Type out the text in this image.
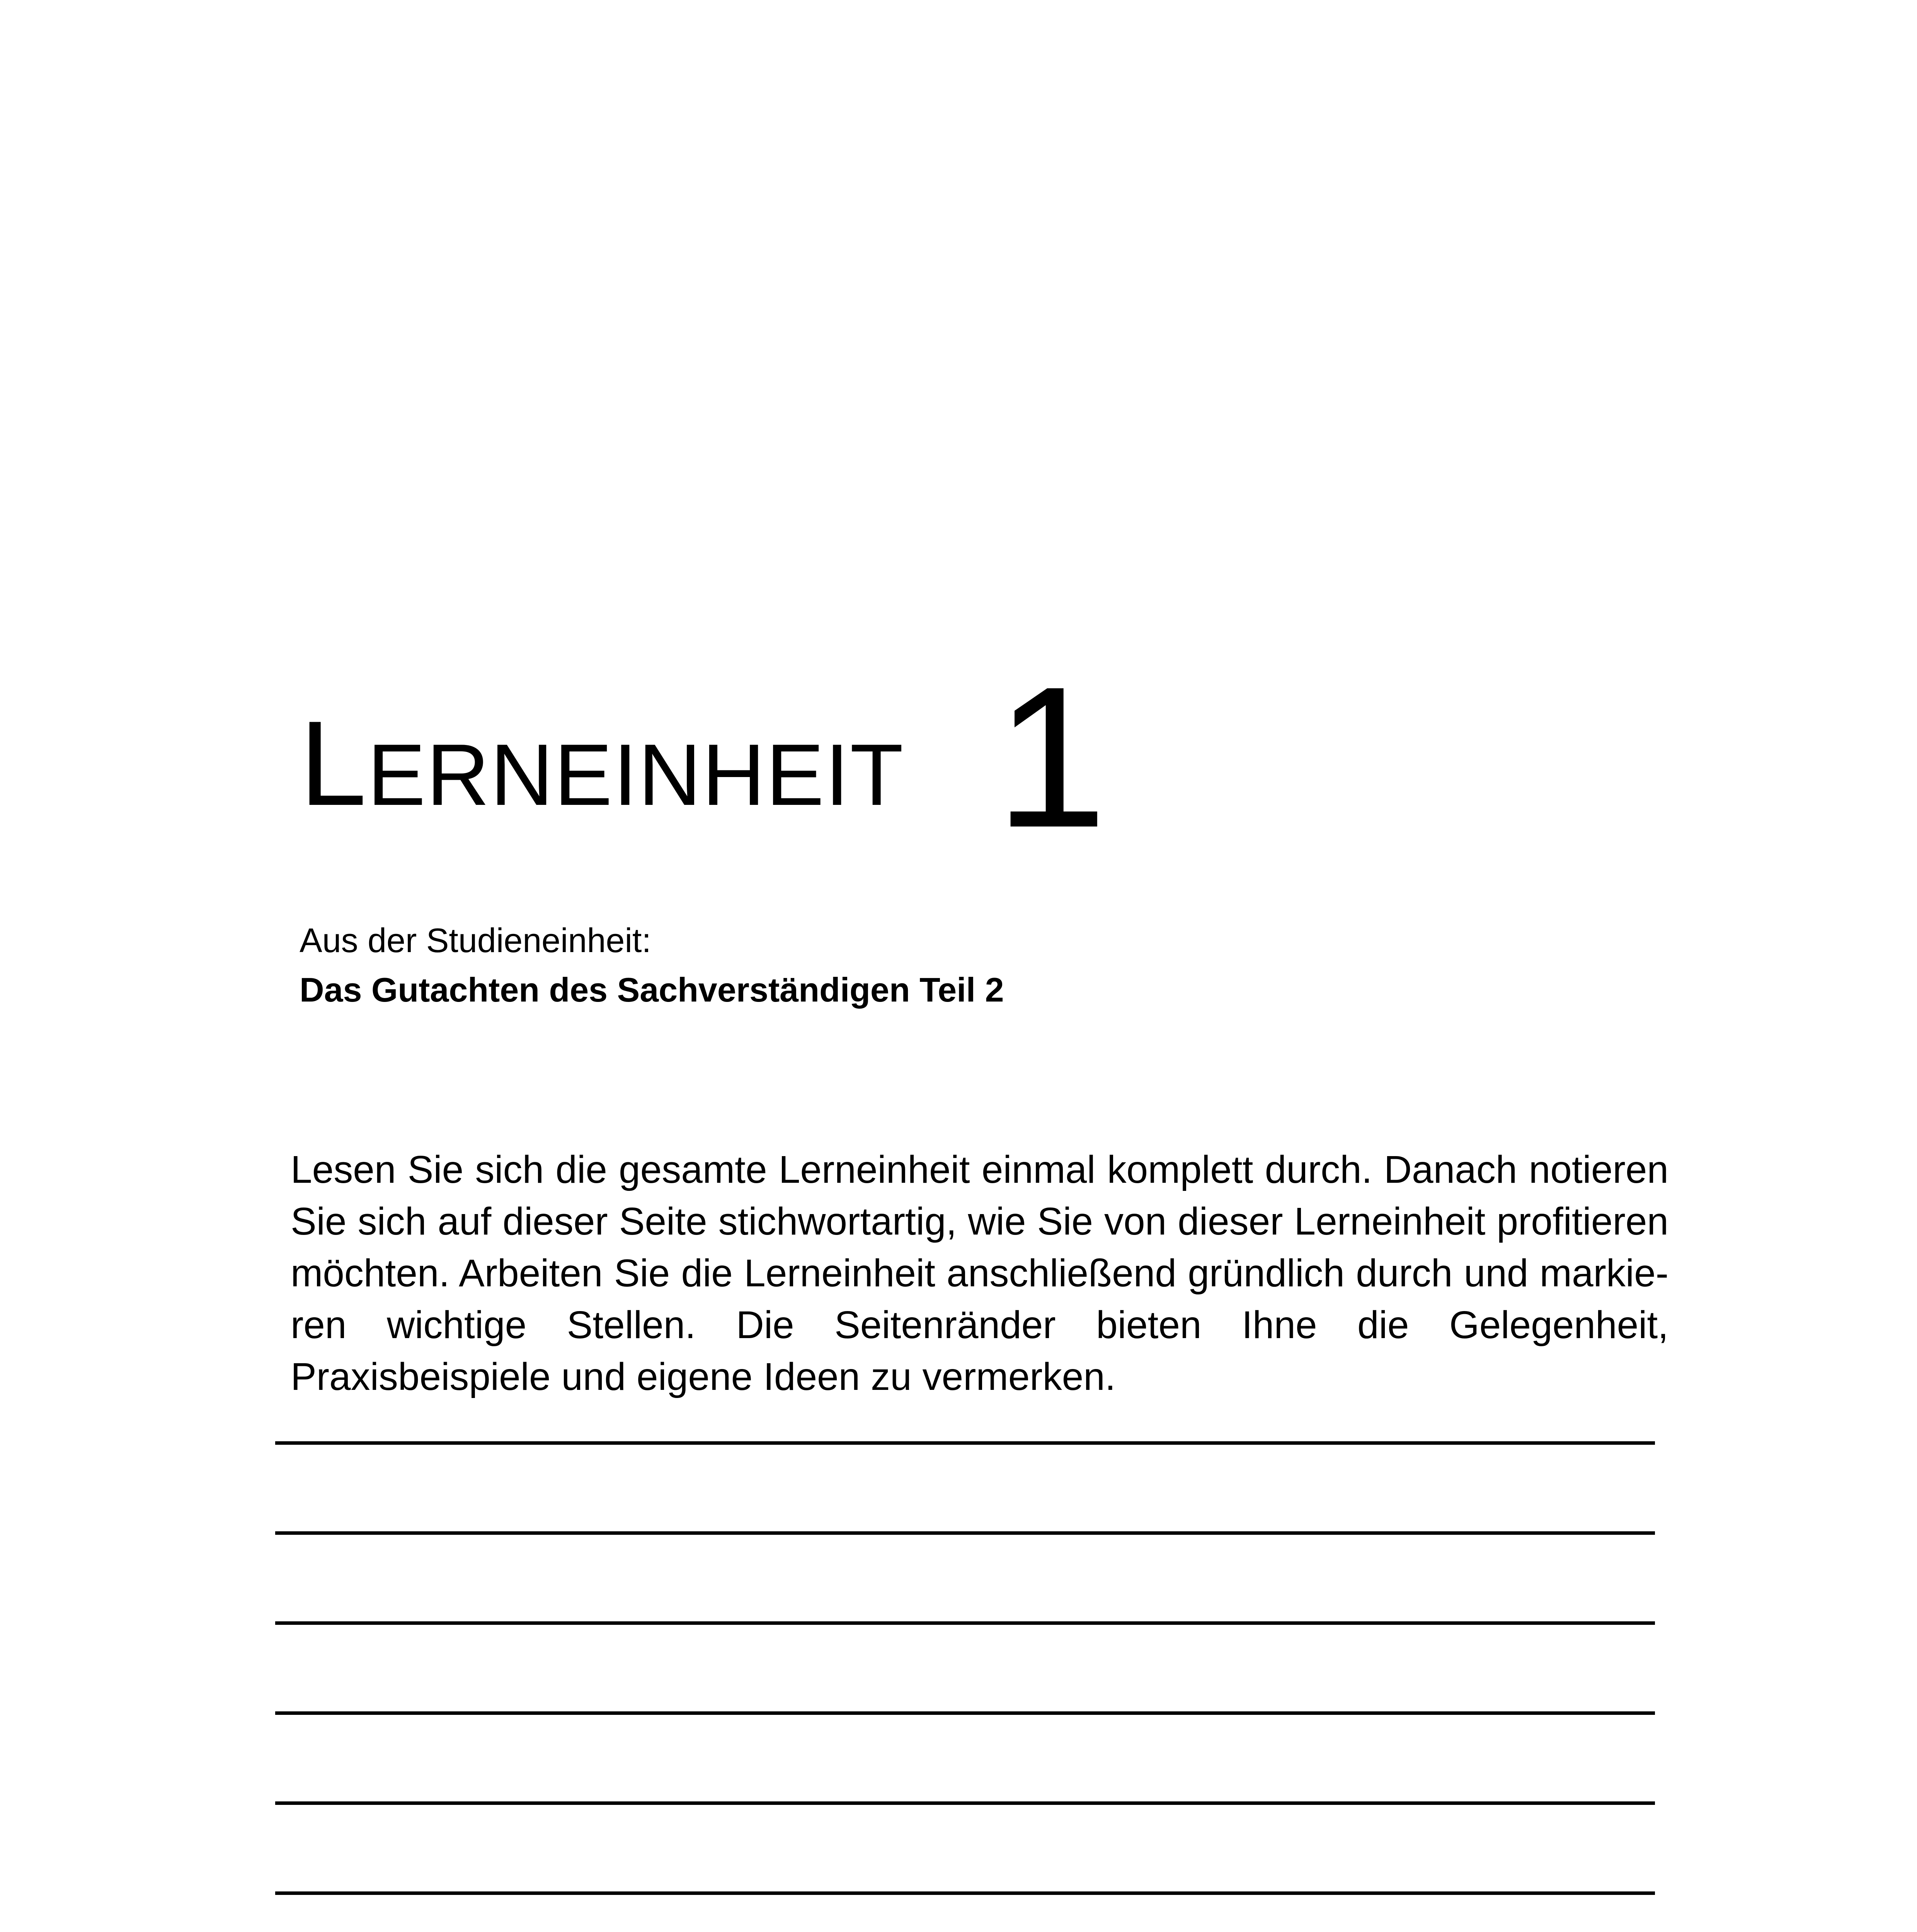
LERNEINHEIT 1
Aus der Studieneinheit:
Das Gutachten des Sachverständigen Teil 2
Lesen Sie sich die gesamte Lerneinheit einmal komplett durch. Danach notieren Sie sich auf dieser Seite stichwortartig, wie Sie von dieser Lerneinheit profitieren möchten. Arbeiten Sie die Lerneinheit anschließend gründlich durch und markie-ren wichtige Stellen. Die Seitenränder bieten Ihne die Gelegenheit, Praxisbeispiele und eigene Ideen zu vermerken.
